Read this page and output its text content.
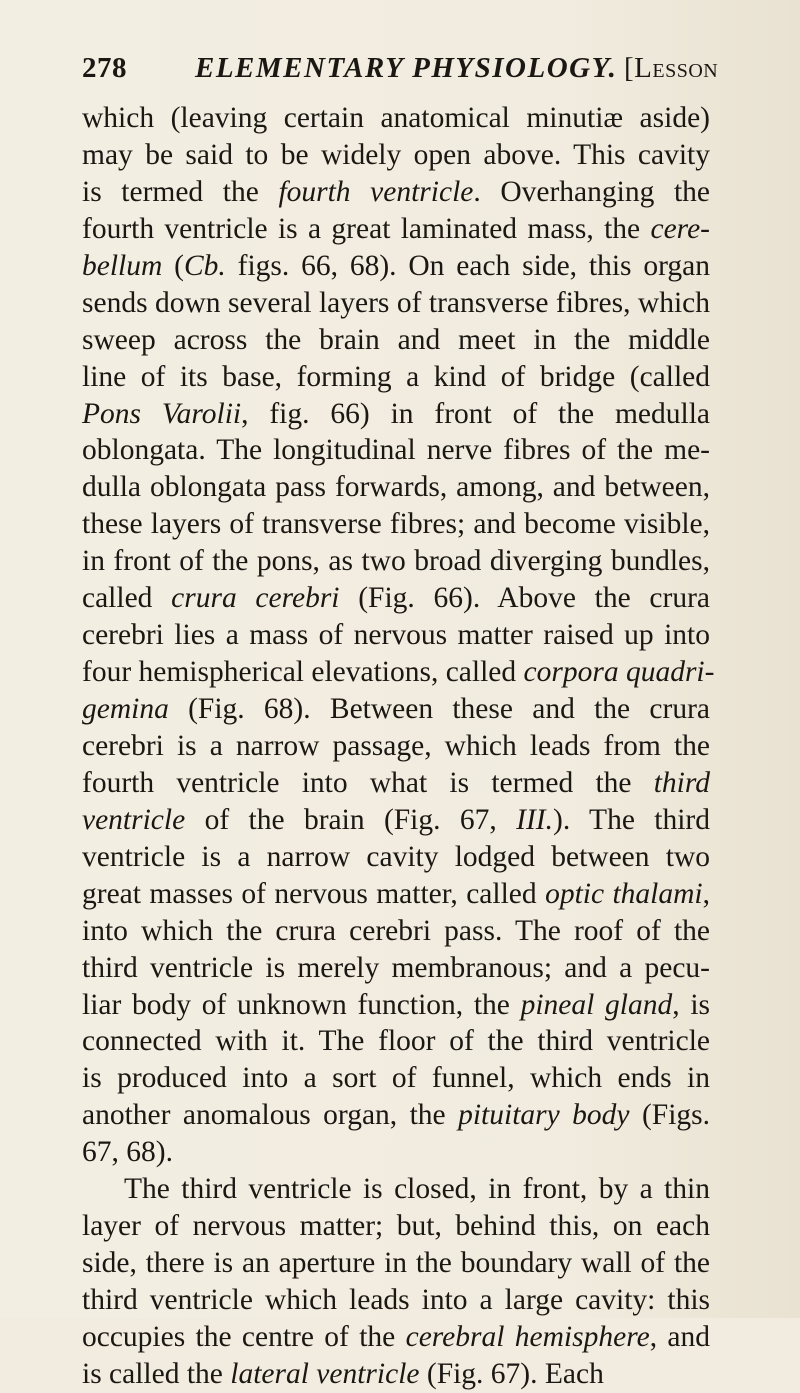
278 ELEMENTARY PHYSIOLOGY. [Lesson
which (leaving certain anatomical minutiæ aside)
may be said to be widely open above. This cavity
is termed the fourth ventricle. Overhanging the
fourth ventricle is a great laminated mass, the cere-
bellum (Cb. figs. 66, 68). On each side, this organ
sends down several layers of transverse fibres, which
sweep across the brain and meet in the middle
line of its base, forming a kind of bridge (called
Pons Varolii, fig. 66) in front of the medulla
oblongata. The longitudinal nerve fibres of the me-
dulla oblongata pass forwards, among, and between,
these layers of transverse fibres; and become visible,
in front of the pons, as two broad diverging bundles,
called crura cerebri (Fig. 66). Above the crura
cerebri lies a mass of nervous matter raised up into
four hemispherical elevations, called corpora quadri-
gemina (Fig. 68). Between these and the crura
cerebri is a narrow passage, which leads from the
fourth ventricle into what is termed the third
ventricle of the brain (Fig. 67, III.). The third
ventricle is a narrow cavity lodged between two
great masses of nervous matter, called optic thalami,
into which the crura cerebri pass. The roof of the
third ventricle is merely membranous; and a pecu-
liar body of unknown function, the pineal gland, is
connected with it. The floor of the third ventricle
is produced into a sort of funnel, which ends in
another anomalous organ, the pituitary body (Figs.
67, 68).
The third ventricle is closed, in front, by a thin
layer of nervous matter; but, behind this, on each
side, there is an aperture in the boundary wall of the
third ventricle which leads into a large cavity: this
occupies the centre of the cerebral hemisphere, and
is called the lateral ventricle (Fig. 67). Each
